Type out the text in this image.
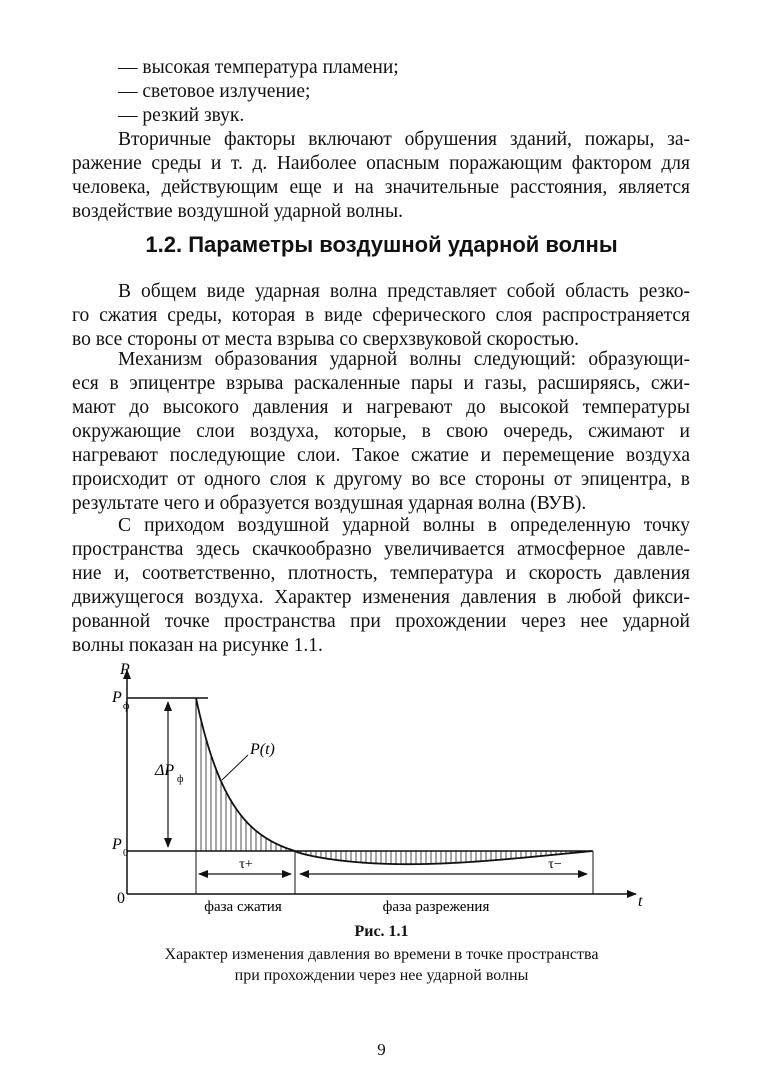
— высокая температура пламени;
— световое излучение;
— резкий звук.
Вторичные факторы включают обрушения зданий, пожары, за-
ражение среды и т. д. Наиболее опасным поражающим фактором для
человека, действующим еще и на значительные расстояния, является
воздействие воздушной ударной волны.
1.2. Параметры воздушной ударной волны
В общем виде ударная волна представляет собой область резко-
го сжатия среды, которая в виде сферического слоя распространяется
во все стороны от места взрыва со сверхзвуковой скоростью.
Механизм образования ударной волны следующий: образующи-
еся в эпицентре взрыва раскаленные пары и газы, расширяясь, сжи-
мают до высокого давления и нагревают до высокой температуры
окружающие слои воздуха, которые, в свою очередь, сжимают и
нагревают последующие слои. Такое сжатие и перемещение воздуха
происходит от одного слоя к другому во все стороны от эпицентра, в
результате чего и образуется воздушная ударная волна (ВУВ).
С приходом воздушной ударной волны в определенную точку
пространства здесь скачкообразно увеличивается атмосферное давле-
ние и, соответственно, плотность, температура и скорость давления
движущегося воздуха. Характер изменения давления в любой фикси-
рованной точке пространства при прохождении через нее ударной
волны показан на рисунке 1.1.
P
t
P
ф
ΔP
ф
P
0
0
P(t)
τ+	τ−
фаза сжатия	фаза разрежения
Рис. 1.1
Характер изменения давления во времени в точке пространства
при прохождении через нее ударной волны
9
